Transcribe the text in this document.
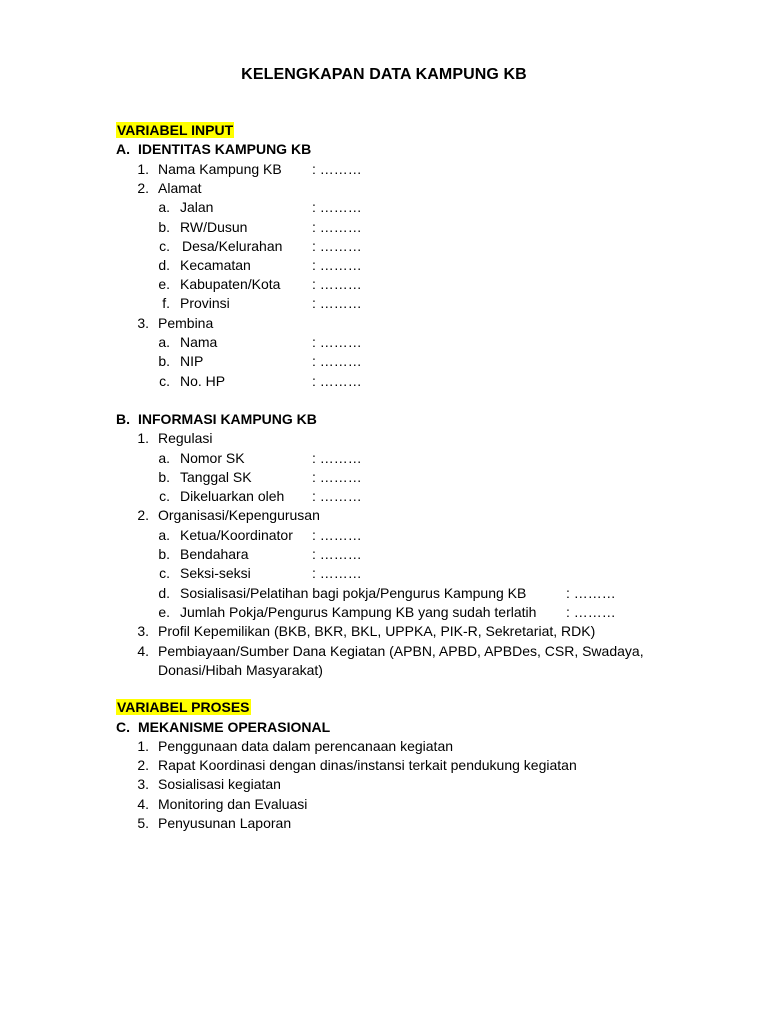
KELENGKAPAN DATA KAMPUNG KB
VARIABEL INPUT
A. IDENTITAS KAMPUNG KB
1. Nama Kampung KB : ………
2. Alamat
a. Jalan	: ………
b. RW/Dusun	: ………
c. Desa/Kelurahan : ………
d. Kecamatan	: ………
e. Kabupaten/Kota : ………
f. Provinsi	: ………
3. Pembina
a. Nama	: ………
b. NIP	: ………
c. No. HP	: ………
B. INFORMASI KAMPUNG KB
1. Regulasi
a. Nomor SK	: ………
b. Tanggal SK	: ………
c. Dikeluarkan oleh : ………
2. Organisasi/Kepengurusan
a. Ketua/Koordinator : ………
b. Bendahara	: ………
c. Seksi-seksi	: ………
d. Sosialisasi/Pelatihan bagi pokja/Pengurus Kampung KB	: ………
e. Jumlah Pokja/Pengurus Kampung KB yang sudah terlatih : ………
3. Profil Kepemilikan (BKB, BKR, BKL, UPPKA, PIK-R, Sekretariat, RDK)
4. Pembiayaan/Sumber Dana Kegiatan (APBN, APBD, APBDes, CSR, Swadaya,
Donasi/Hibah Masyarakat)
VARIABEL PROSES
C. MEKANISME OPERASIONAL
1. Penggunaan data dalam perencanaan kegiatan
2. Rapat Koordinasi dengan dinas/instansi terkait pendukung kegiatan
3. Sosialisasi kegiatan
4. Monitoring dan Evaluasi
5. Penyusunan Laporan
